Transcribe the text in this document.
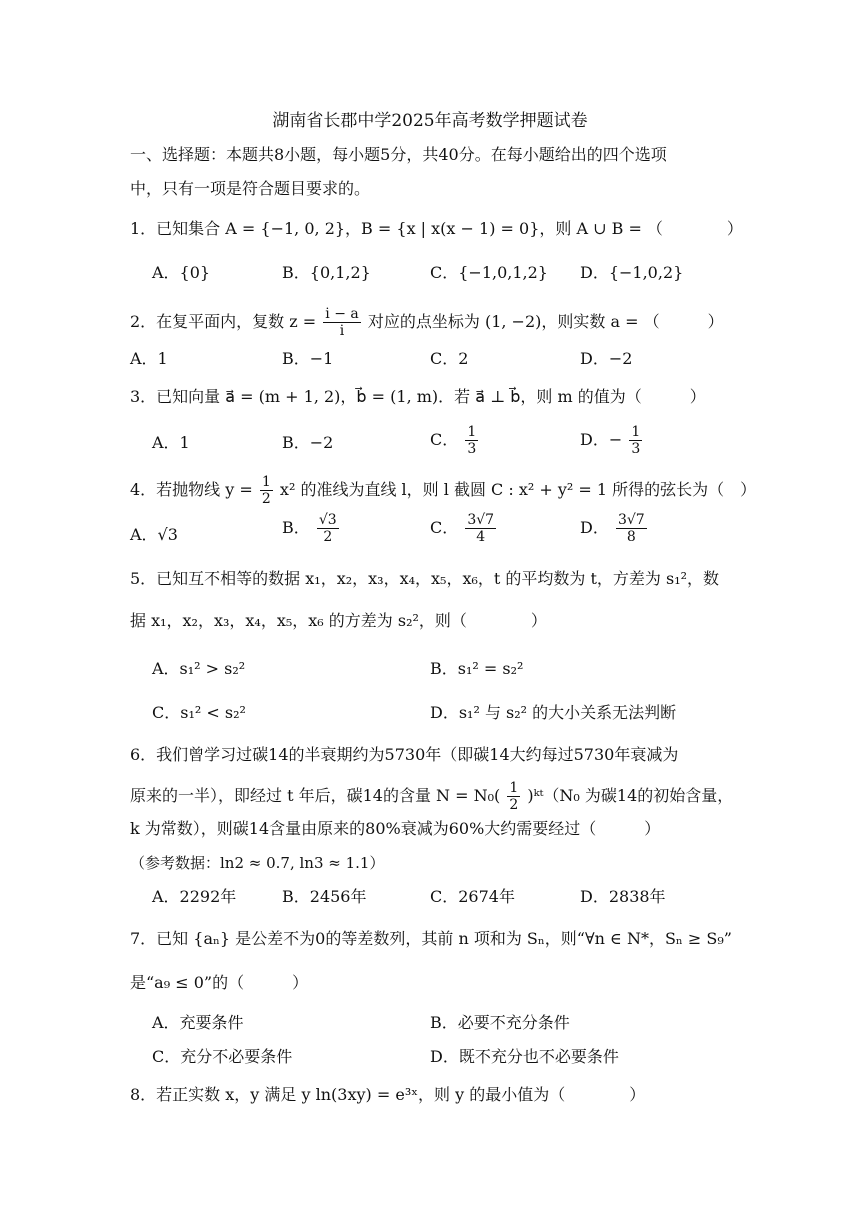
湖南省长郡中学2025年高考数学押题试卷
一、选择题：本题共8小题，每小题5分，共40分。在每小题给出的四个选项
中，只有一项是符合题目要求的。
1．已知集合 A = {−1, 0, 2}，B = {x | x(x − 1) = 0}，则 A ∪ B = （　　　　）
A．{0}	B．{0,1,2}	C．{−1,0,1,2} D．{−1,0,2}
2．在复平面内，复数 $z = \frac{i - a}{i}$ 对应的点坐标为 (1, −2)，则实数 a = （　　　）
A．1	B．−1	C．2	D．−2
3．已知向量 a⃗ = (m + 1, 2)，b⃗ = (1, m)．若 a⃗ ⊥ b⃗，则 m 的值为（　　　）
A．1	B．−2	C． $\frac{1}{3}$	D．− $\frac{1}{3}$
4．若抛物线 $y = \frac{1}{2} x^2$ 的准线为直线 l，则 l 截圆 C : x² + y² = 1 所得的弦长为（　）
A．√3	B． $\frac{√3}{2}$	C． $\frac{3√7}{4}$	D． $\frac{3√7}{8}$
5．已知互不相等的数据 x₁，x₂，x₃，x₄，x₅，x₆，t 的平均数为 t，方差为 s₁²，数
据 x₁，x₂，x₃，x₄，x₅，x₆ 的方差为 s₂²，则（　　　　）
A．s₁² > s₂²	B．s₁² = s₂²
C．s₁² < s₂²	D．s₁² 与 s₂² 的大小关系无法判断
6．我们曾学习过碳14的半衰期约为5730年（即碳14大约每过5730年衰减为
原来的一半），即经过 t 年后，碳14的含量 $N = N_0( \frac{1}{2}$ )ᵏᵗ（N₀ 为碳14的初始含量，
k 为常数），则碳14含量由原来的80%衰减为60%大约需要经过（　　　）
（参考数据：ln2 ≈ 0.7, ln3 ≈ 1.1）
A．2292年	B．2456年	C．2674年	D．2838年
7．已知 {aₙ} 是公差不为0的等差数列，其前 n 项和为 Sₙ，则“∀n ∈ N*，Sₙ ≥ S₉”
是“a₉ ≤ 0”的（　　　）
A．充要条件	B．必要不充分条件
C．充分不必要条件	D．既不充分也不必要条件
8．若正实数 x，y 满足 y ln(3xy) = e³ˣ，则 y 的最小值为（　　　　）
